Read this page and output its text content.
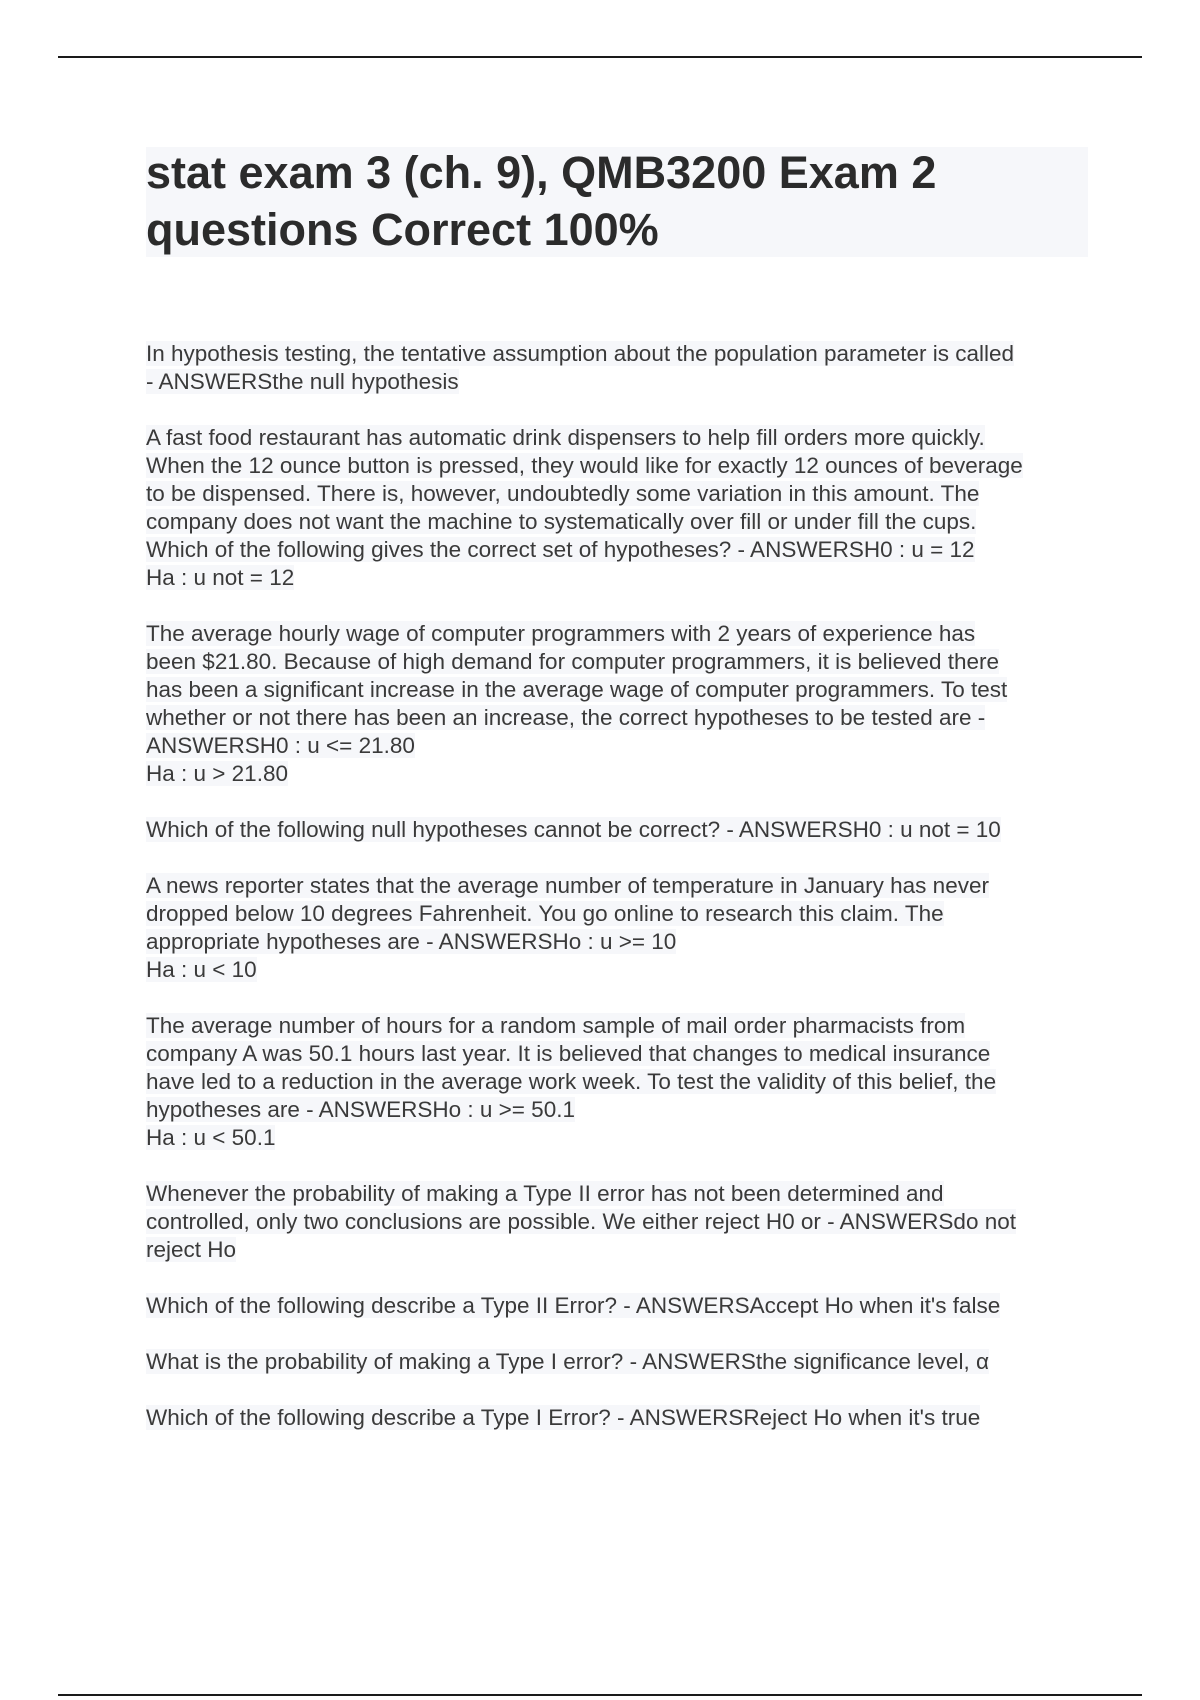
stat exam 3 (ch. 9), QMB3200 Exam 2
questions Correct 100%

In hypothesis testing, the tentative assumption about the population parameter is called
- ANSWERSthe null hypothesis

A fast food restaurant has automatic drink dispensers to help fill orders more quickly.
When the 12 ounce button is pressed, they would like for exactly 12 ounces of beverage
to be dispensed. There is, however, undoubtedly some variation in this amount. The
company does not want the machine to systematically over fill or under fill the cups.
Which of the following gives the correct set of hypotheses? - ANSWERSH0 : u = 12
Ha : u not = 12

The average hourly wage of computer programmers with 2 years of experience has
been $21.80. Because of high demand for computer programmers, it is believed there
has been a significant increase in the average wage of computer programmers. To test
whether or not there has been an increase, the correct hypotheses to be tested are -
ANSWERSH0 : u <= 21.80
Ha : u > 21.80

Which of the following null hypotheses cannot be correct? - ANSWERSH0 : u not = 10

A news reporter states that the average number of temperature in January has never
dropped below 10 degrees Fahrenheit. You go online to research this claim. The
appropriate hypotheses are - ANSWERSHo : u >= 10
Ha : u < 10

The average number of hours for a random sample of mail order pharmacists from
company A was 50.1 hours last year. It is believed that changes to medical insurance
have led to a reduction in the average work week. To test the validity of this belief, the
hypotheses are - ANSWERSHo : u >= 50.1
Ha : u < 50.1

Whenever the probability of making a Type II error has not been determined and
controlled, only two conclusions are possible. We either reject H0 or - ANSWERSdo not
reject Ho

Which of the following describe a Type II Error? - ANSWERSAccept Ho when it's false

What is the probability of making a Type I error? - ANSWERSthe significance level, α

Which of the following describe a Type I Error? - ANSWERSReject Ho when it's true
